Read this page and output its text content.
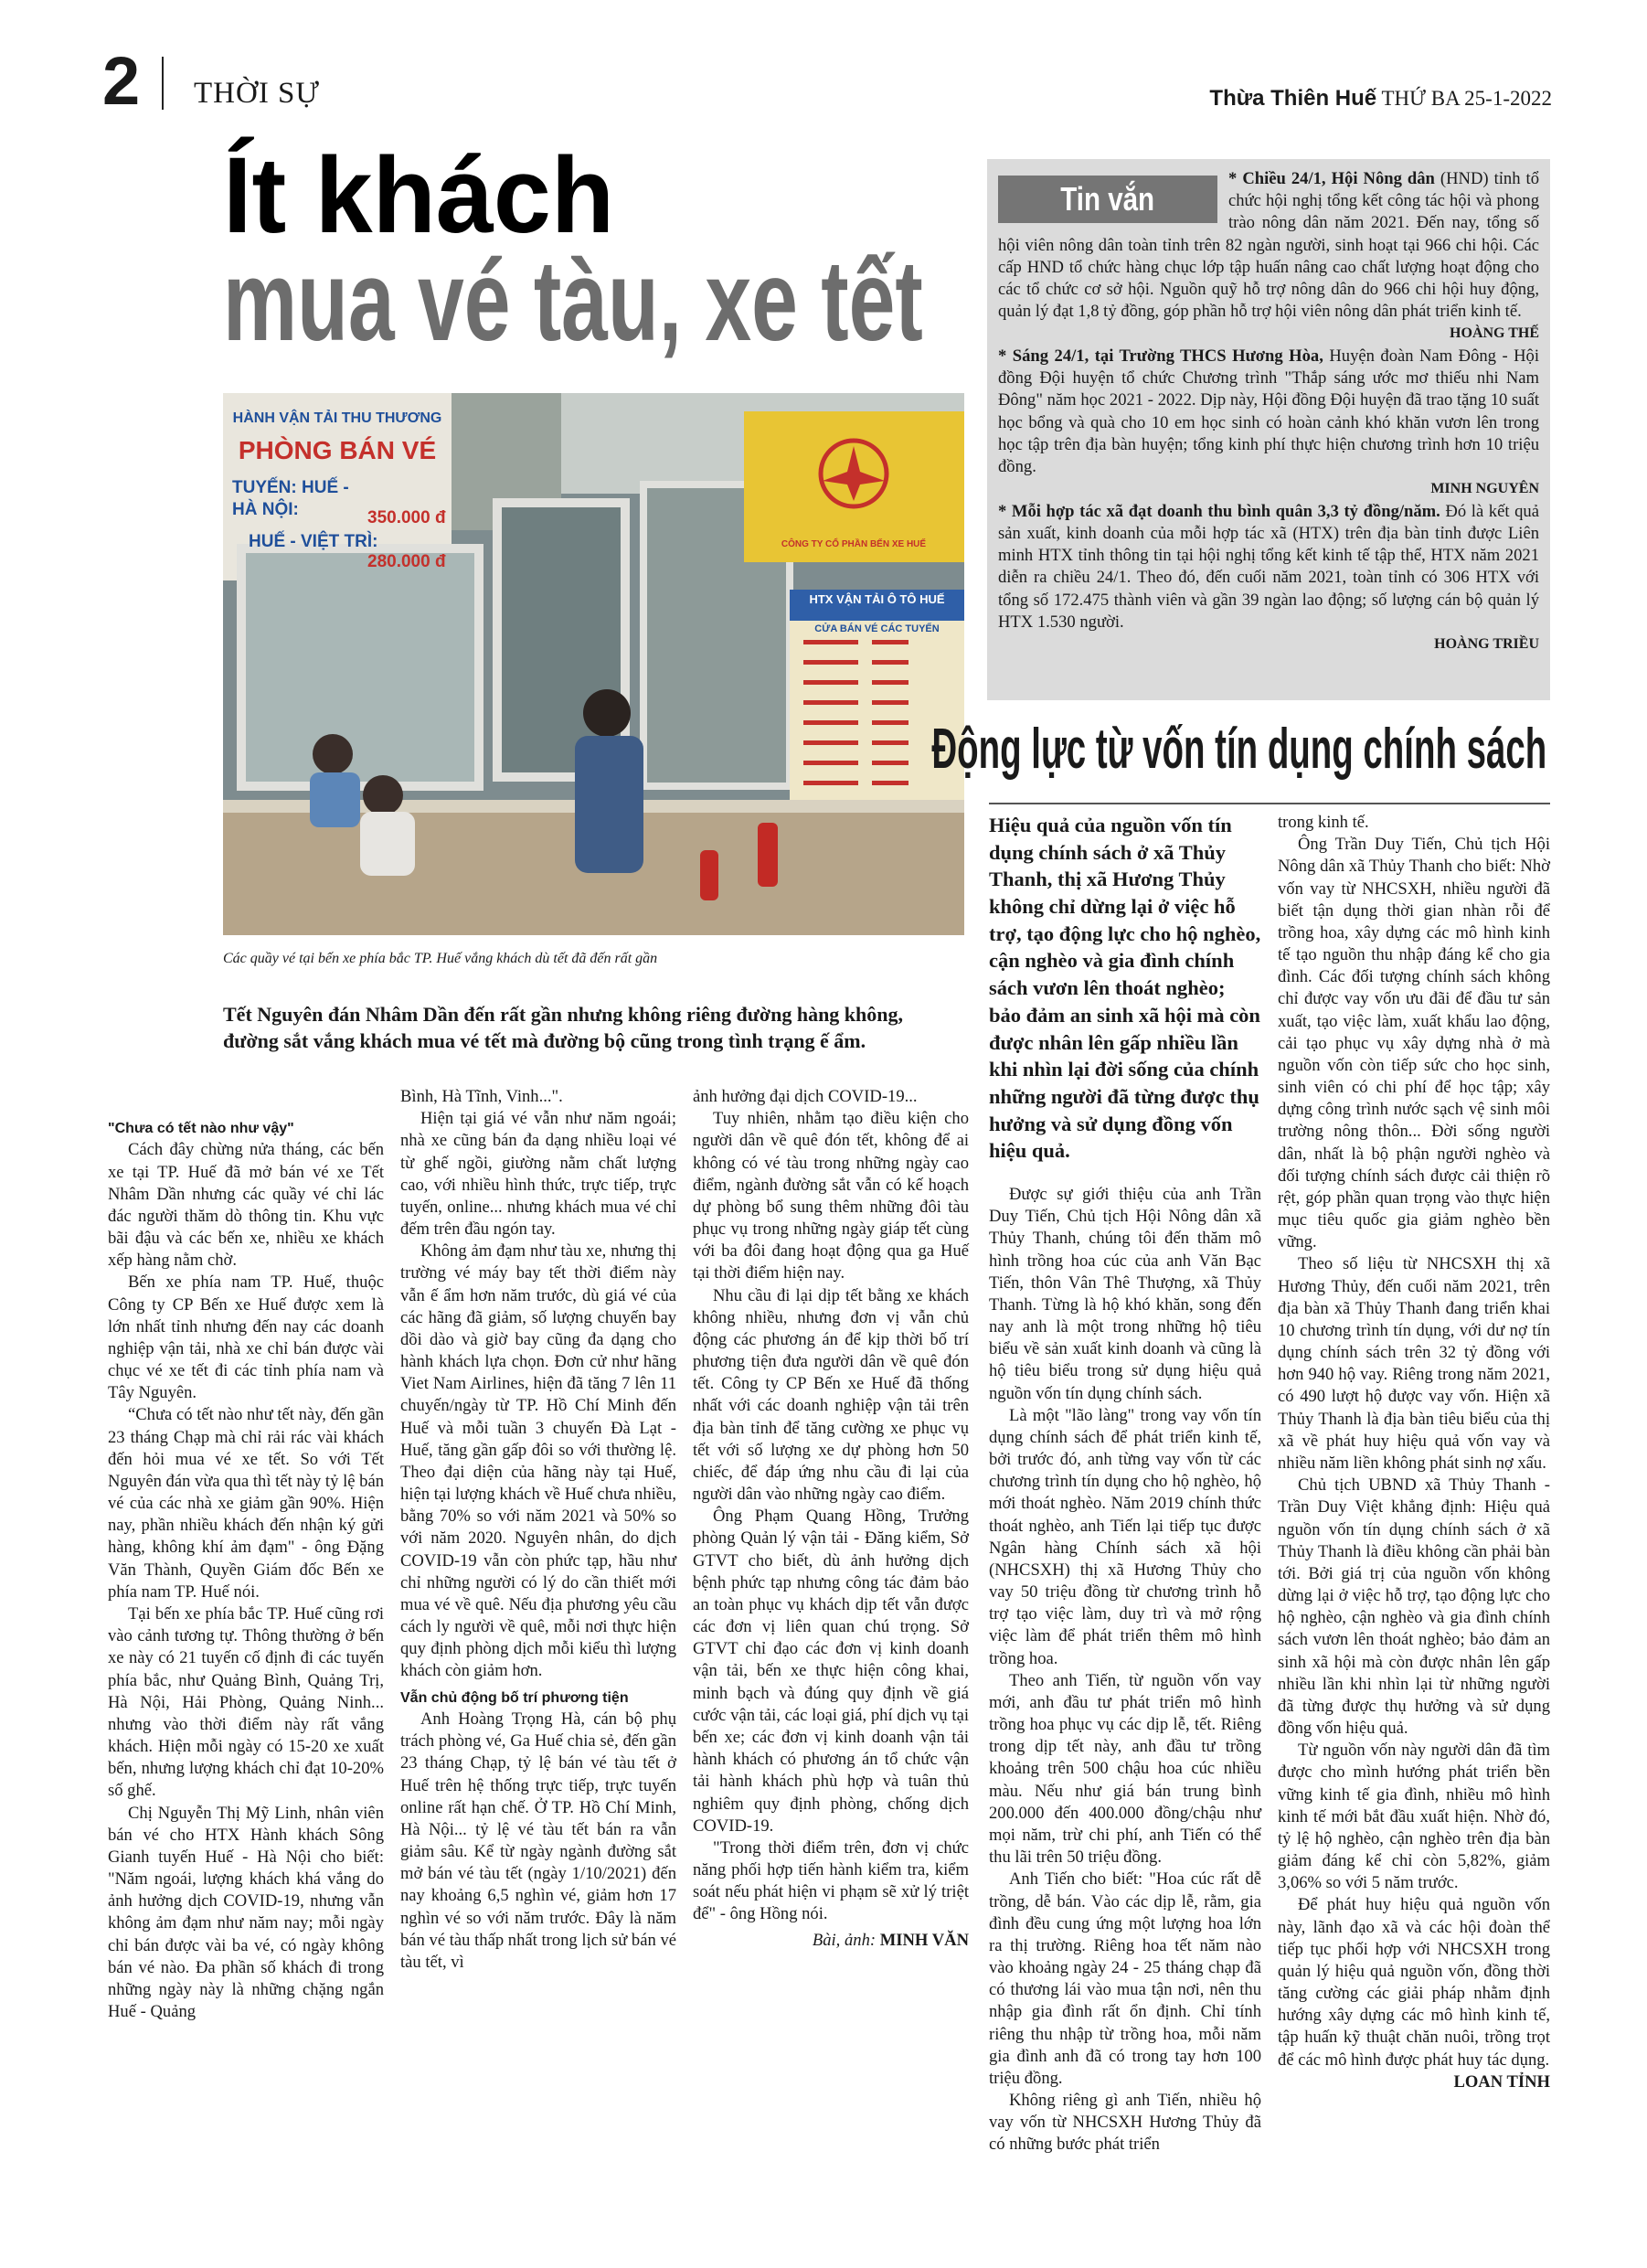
2 THỜI SỰ	Thừa Thiên Huế THỨ BA 25-1-2022
Ít khách
mua vé tàu, xe tết
HÀNH VẬN TẢI THU THƯƠNG
PHÒNG BÁN VÉ
TUYẾN: HUẾ - HÀ NỘI:	350.000 đ
HUẾ - VIỆT TRÌ:
280.000 đ
CÔNG TY CỔ PHẦN BẾN XE HUẾ
HTX VẬN TẢI Ô TÔ HUẾ
CỬA BÁN VÉ CÁC TUYẾN
Các quầy vé tại bến xe phía bắc TP. Huế vắng khách dù tết đã đến rất gần
Tết Nguyên đán Nhâm Dần đến rất gần nhưng không riêng đường hàng không, đường sắt vắng khách mua vé tết mà đường bộ cũng trong tình trạng ế ẩm.

"Chưa có tết nào như vậy"

Cách đây chừng nửa tháng, các bến xe tại TP. Huế đã mở bán vé xe Tết Nhâm Dần nhưng các quầy vé chỉ lác đác người thăm dò thông tin. Khu vực bãi đậu và các bến xe, nhiều xe khách xếp hàng nằm chờ.

Bến xe phía nam TP. Huế, thuộc Công ty CP Bến xe Huế được xem là lớn nhất tỉnh nhưng đến nay các doanh nghiệp vận tải, nhà xe chỉ bán được vài chục vé xe tết đi các tỉnh phía nam và Tây Nguyên.

“Chưa có tết nào như tết này, đến gần 23 tháng Chạp mà chỉ rải rác vài khách đến hỏi mua vé xe tết. So với Tết Nguyên đán vừa qua thì tết này tỷ lệ bán vé của các nhà xe giảm gần 90%. Hiện nay, phần nhiều khách đến nhận ký gửi hàng, không khí ảm đạm" - ông Đặng Văn Thành, Quyền Giám đốc Bến xe phía nam TP. Huế nói.

Tại bến xe phía bắc TP. Huế cũng rơi vào cảnh tương tự. Thông thường ở bến xe này có 21 tuyến cố định đi các tuyến phía bắc, như Quảng Bình, Quảng Trị, Hà Nội, Hải Phòng, Quảng Ninh... nhưng vào thời điểm này rất vắng khách. Hiện mỗi ngày có 15-20 xe xuất bến, nhưng lượng khách chỉ đạt 10-20% số ghế.

Chị Nguyễn Thị Mỹ Linh, nhân viên bán vé cho HTX Hành khách Sông Gianh tuyến Huế - Hà Nội cho biết: "Năm ngoái, lượng khách khá vắng do ảnh hưởng dịch COVID-19, nhưng vẫn không ảm đạm như năm nay; mỗi ngày chỉ bán được vài ba vé, có ngày không bán vé nào. Đa phần số khách đi trong những ngày này là những chặng ngắn Huế - Quảng

Bình, Hà Tĩnh, Vinh...".

Hiện tại giá vé vẫn như năm ngoái; nhà xe cũng bán đa dạng nhiều loại vé từ ghế ngồi, giường nằm chất lượng cao, với nhiều hình thức, trực tiếp, trực tuyến, online... nhưng khách mua vé chỉ đếm trên đầu ngón tay.

Không ảm đạm như tàu xe, nhưng thị trường vé máy bay tết thời điểm này vẫn ế ẩm hơn năm trước, dù giá vé của các hãng đã giảm, số lượng chuyến bay dồi dào và giờ bay cũng đa dạng cho hành khách lựa chọn. Đơn cử như hãng Viet Nam Airlines, hiện đã tăng 7 lên 11 chuyến/ngày từ TP. Hồ Chí Minh đến Huế và mỗi tuần 3 chuyến Đà Lạt - Huế, tăng gần gấp đôi so với thường lệ. Theo đại diện của hãng này tại Huế, hiện tại lượng khách về Huế chưa nhiều, bằng 70% so với năm 2021 và 50% so với năm 2020. Nguyên nhân, do dịch COVID-19 vẫn còn phức tạp, hầu như chỉ những người có lý do cần thiết mới mua vé về quê. Nếu địa phương yêu cầu cách ly người về quê, mỗi nơi thực hiện quy định phòng dịch mỗi kiểu thì lượng khách còn giảm hơn.

Vẫn chủ động bố trí phương tiện

Anh Hoàng Trọng Hà, cán bộ phụ trách phòng vé, Ga Huế chia sẻ, đến gần 23 tháng Chạp, tỷ lệ bán vé tàu tết ở Huế trên hệ thống trực tiếp, trực tuyến online rất hạn chế. Ở TP. Hồ Chí Minh, Hà Nội... tỷ lệ vé tàu tết bán ra vẫn giảm sâu. Kể từ ngày ngành đường sắt mở bán vé tàu tết (ngày 1/10/2021) đến nay khoảng 6,5 nghìn vé, giảm hơn 17 nghìn vé so với năm trước. Đây là năm bán vé tàu thấp nhất trong lịch sử bán vé tàu tết, vì

ảnh hưởng đại dịch COVID-19...

Tuy nhiên, nhằm tạo điều kiện cho người dân về quê đón tết, không để ai không có vé tàu trong những ngày cao điểm, ngành đường sắt vẫn có kế hoạch dự phòng bổ sung thêm những đôi tàu phục vụ trong những ngày giáp tết cùng với ba đôi đang hoạt động qua ga Huế tại thời điểm hiện nay.

Nhu cầu đi lại dịp tết bằng xe khách không nhiều, nhưng đơn vị vẫn chủ động các phương án để kịp thời bố trí phương tiện đưa người dân về quê đón tết. Công ty CP Bến xe Huế đã thống nhất với các doanh nghiệp vận tải trên địa bàn tỉnh để tăng cường xe phục vụ tết với số lượng xe dự phòng hơn 50 chiếc, để đáp ứng nhu cầu đi lại của người dân vào những ngày cao điểm.

Ông Phạm Quang Hồng, Trưởng phòng Quản lý vận tải - Đăng kiểm, Sở GTVT cho biết, dù ảnh hưởng dịch bệnh phức tạp nhưng công tác đảm bảo an toàn phục vụ khách dịp tết vẫn được các đơn vị liên quan chú trọng. Sở GTVT chỉ đạo các đơn vị kinh doanh vận tải, bến xe thực hiện công khai, minh bạch và đúng quy định về giá cước vận tải, các loại giá, phí dịch vụ tại bến xe; các đơn vị kinh doanh vận tải hành khách có phương án tổ chức vận tải hành khách phù hợp và tuân thủ nghiêm quy định phòng, chống dịch COVID-19.

"Trong thời điểm trên, đơn vị chức năng phối hợp tiến hành kiểm tra, kiểm soát nếu phát hiện vi phạm sẽ xử lý triệt để" - ông Hồng nói.

Bài, ảnh: MINH VĂN

* Chiều 24/1, Hội Nông dân (HND) tỉnh tổ chức hội nghị tổng kết công tác hội và phong trào nông dân năm 2021. Đến nay, tổng số hội viên nông dân toàn tỉnh trên 82 ngàn người, sinh hoạt tại 966 chi hội. Các cấp HND tổ chức hàng chục lớp tập huấn nâng cao chất lượng hoạt động cho các tổ chức cơ sở hội. Nguồn quỹ hỗ trợ nông dân do 966 chi hội huy động, quản lý đạt 1,8 tỷ đồng, góp phần hỗ trợ hội viên nông dân phát triển kinh tế.

HOÀNG THẾ

* Sáng 24/1, tại Trường THCS Hương Hòa, Huyện đoàn Nam Đông - Hội đồng Đội huyện tổ chức Chương trình "Thắp sáng ước mơ thiếu nhi Nam Đông" năm học 2021 - 2022. Dịp này, Hội đồng Đội huyện đã trao tặng 10 suất học bổng và quà cho 10 em học sinh có hoàn cảnh khó khăn vươn lên trong học tập trên địa bàn huyện; tổng kinh phí thực hiện chương trình hơn 10 triệu đồng.

MINH NGUYÊN

* Mỗi hợp tác xã đạt doanh thu bình quân 3,3 tỷ đồng/năm. Đó là kết quả sản xuất, kinh doanh của mỗi hợp tác xã (HTX) trên địa bàn tỉnh được Liên minh HTX tỉnh thông tin tại hội nghị tổng kết kinh tế tập thể, HTX năm 2021 diễn ra chiều 24/1. Theo đó, đến cuối năm 2021, toàn tỉnh có 306 HTX với tổng số 172.475 thành viên và gần 39 ngàn lao động; số lượng cán bộ quản lý HTX 1.530 người.

HOÀNG TRIỀU

Tin vắn
Động lực từ vốn tín dụng chính sách
Hiệu quả của nguồn vốn tín dụng chính sách ở xã Thủy Thanh, thị xã Hương Thủy không chỉ dừng lại ở việc hỗ trợ, tạo động lực cho hộ nghèo, cận nghèo và gia đình chính sách vươn lên thoát nghèo; bảo đảm an sinh xã hội mà còn được nhân lên gấp nhiều lần khi nhìn lại đời sống của chính những người đã từng được thụ hưởng và sử dụng đồng vốn hiệu quả.

Được sự giới thiệu của anh Trần Duy Tiến, Chủ tịch Hội Nông dân xã Thủy Thanh, chúng tôi đến thăm mô hình trồng hoa cúc của anh Văn Bạc Tiến, thôn Vân Thê Thượng, xã Thủy Thanh. Từng là hộ khó khăn, song đến nay anh là một trong những hộ tiêu biểu về sản xuất kinh doanh và cũng là hộ tiêu biểu trong sử dụng hiệu quả nguồn vốn tín dụng chính sách.

Là một "lão làng" trong vay vốn tín dụng chính sách để phát triển kinh tế, bởi trước đó, anh từng vay vốn từ các chương trình tín dụng cho hộ nghèo, hộ mới thoát nghèo. Năm 2019 chính thức thoát nghèo, anh Tiến lại tiếp tục được Ngân hàng Chính sách xã hội (NHCSXH) thị xã Hương Thủy cho vay 50 triệu đồng từ chương trình hỗ trợ tạo việc làm, duy trì và mở rộng việc làm để phát triển thêm mô hình trồng hoa.

Theo anh Tiến, từ nguồn vốn vay mới, anh đầu tư phát triển mô hình trồng hoa phục vụ các dịp lễ, tết. Riêng trong dịp tết này, anh đầu tư trồng khoảng trên 500 chậu hoa cúc nhiều màu. Nếu như giá bán trung bình 200.000 đến 400.000 đồng/chậu như mọi năm, trừ chi phí, anh Tiến có thể thu lãi trên 50 triệu đồng.

Anh Tiến cho biết: "Hoa cúc rất dễ trồng, dễ bán. Vào các dịp lễ, rằm, gia đình đều cung ứng một lượng hoa lớn ra thị trường. Riêng hoa tết năm nào vào khoảng ngày 24 - 25 tháng chạp đã có thương lái vào mua tận nơi, nên thu nhập gia đình rất ổn định. Chỉ tính riêng thu nhập từ trồng hoa, mỗi năm gia đình anh đã có trong tay hơn 100 triệu đồng.

Không riêng gì anh Tiến, nhiều hộ vay vốn từ NHCSXH Hương Thủy đã có những bước phát triển

trong kinh tế.

Ông Trần Duy Tiến, Chủ tịch Hội Nông dân xã Thủy Thanh cho biết: Nhờ vốn vay từ NHCSXH, nhiều người đã biết tận dụng thời gian nhàn rỗi để trồng hoa, xây dựng các mô hình kinh tế tạo nguồn thu nhập đáng kể cho gia đình. Các đối tượng chính sách không chỉ được vay vốn ưu đãi để đầu tư sản xuất, tạo việc làm, xuất khẩu lao động, cải tạo phục vụ xây dựng nhà ở mà nguồn vốn còn tiếp sức cho học sinh, sinh viên có chi phí để học tập; xây dựng công trình nước sạch vệ sinh môi trường nông thôn... Đời sống người dân, nhất là bộ phận người nghèo và đối tượng chính sách được cải thiện rõ rệt, góp phần quan trọng vào thực hiện mục tiêu quốc gia giảm nghèo bền vững.

Theo số liệu từ NHCSXH thị xã Hương Thủy, đến cuối năm 2021, trên địa bàn xã Thủy Thanh đang triển khai 10 chương trình tín dụng, với dư nợ tín dụng chính sách trên 32 tỷ đồng với hơn 940 hộ vay. Riêng trong năm 2021, có 490 lượt hộ được vay vốn. Hiện xã Thủy Thanh là địa bàn tiêu biểu của thị xã về phát huy hiệu quả vốn vay và nhiều năm liền không phát sinh nợ xấu.

Chủ tịch UBND xã Thủy Thanh - Trần Duy Việt khẳng định: Hiệu quả nguồn vốn tín dụng chính sách ở xã Thủy Thanh là điều không cần phải bàn tới. Bởi giá trị của nguồn vốn không dừng lại ở việc hỗ trợ, tạo động lực cho hộ nghèo, cận nghèo và gia đình chính sách vươn lên thoát nghèo; bảo đảm an sinh xã hội mà còn được nhân lên gấp nhiều lần khi nhìn lại từ những người đã từng được thụ hưởng và sử dụng đồng vốn hiệu quả.

Từ nguồn vốn này người dân đã tìm được cho mình hướng phát triển bền vững kinh tế gia đình, nhiều mô hình kinh tế mới bắt đầu xuất hiện. Nhờ đó, tỷ lệ hộ nghèo, cận nghèo trên địa bàn giảm đáng kể chỉ còn 5,82%, giảm 3,06% so với 5 năm trước.

Để phát huy hiệu quả nguồn vốn này, lãnh đạo xã và các hội đoàn thể tiếp tục phối hợp với NHCSXH trong quản lý hiệu quả nguồn vốn, đồng thời tăng cường các giải pháp nhằm định hướng xây dựng các mô hình kinh tế, tập huấn kỹ thuật chăn nuôi, trồng trọt để các mô hình được phát huy tác dụng.

LOAN TỈNH
